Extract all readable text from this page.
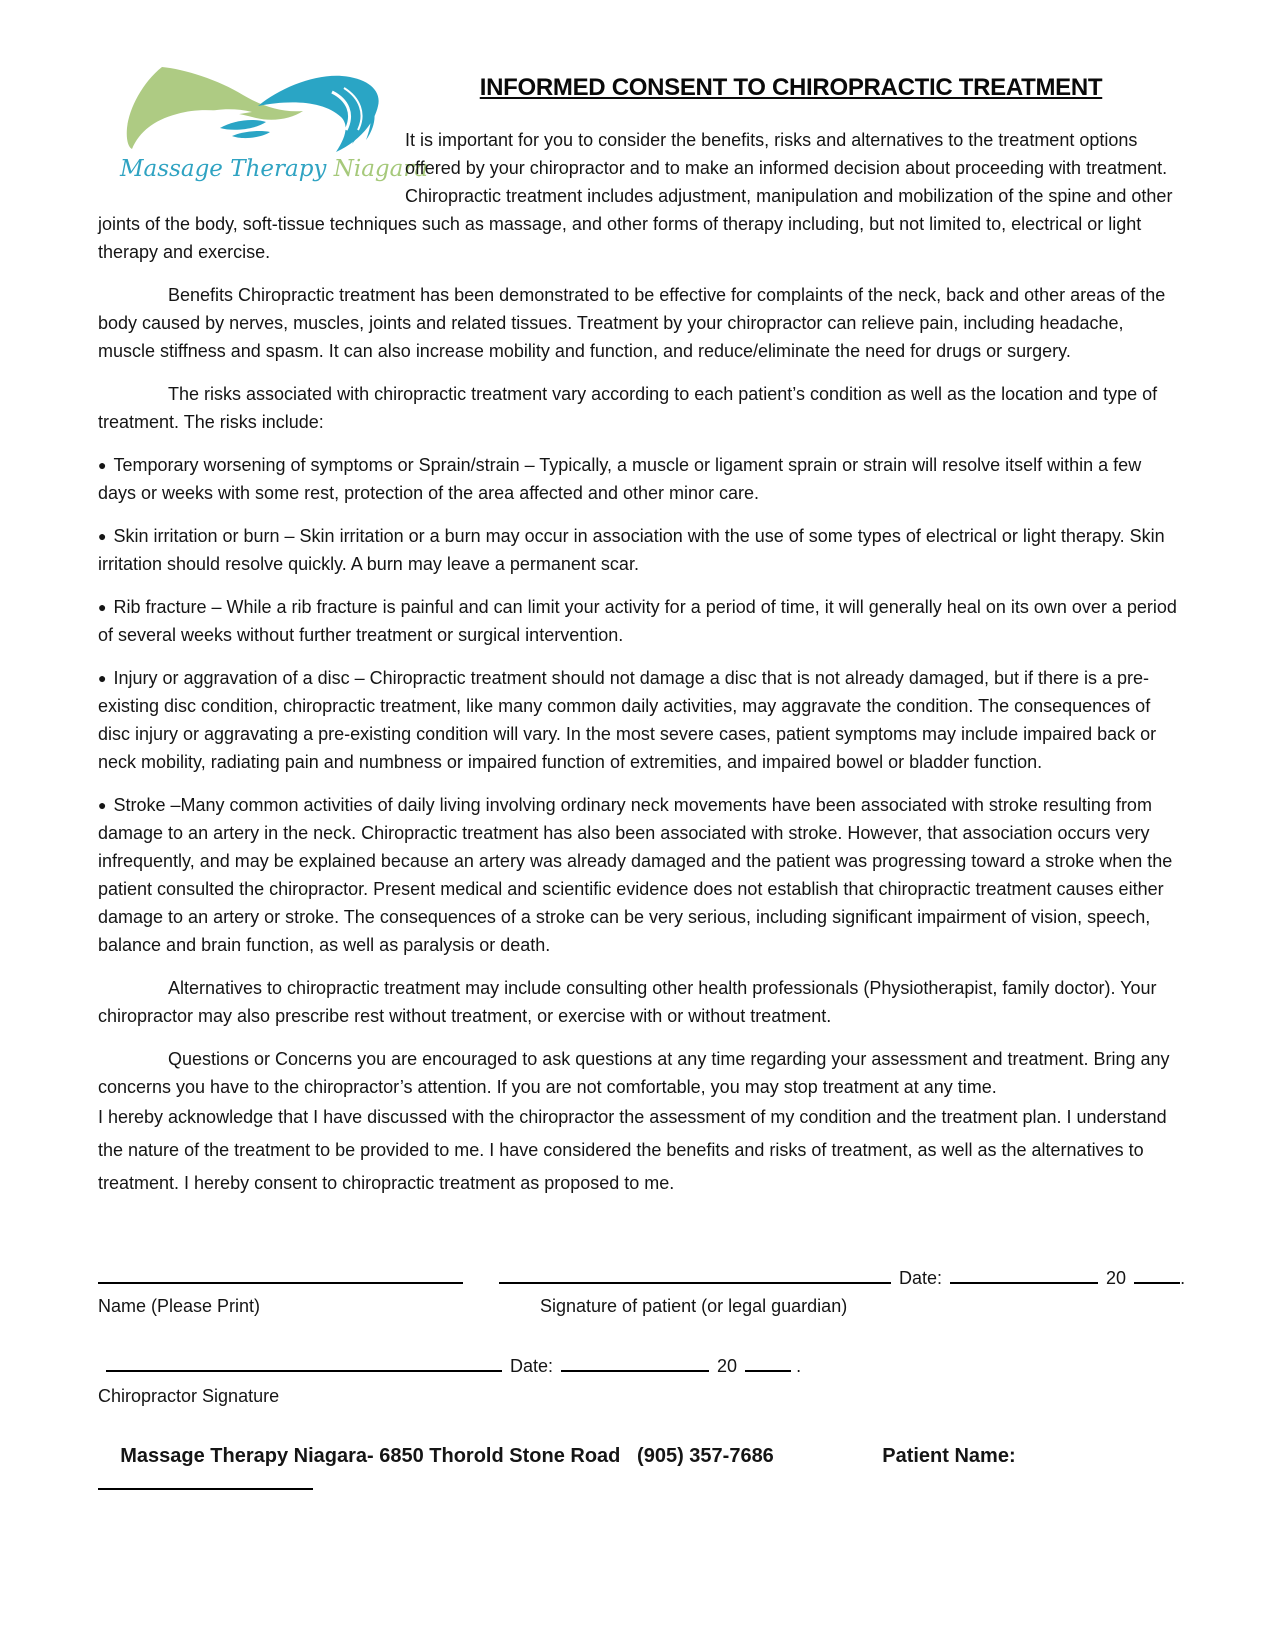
Massage Therapy Niagara
INFORMED CONSENT TO CHIROPRACTIC TREATMENT

It is important for you to consider the benefits, risks and alternatives to the treatment options offered by your chiropractor and to make an informed decision about proceeding with treatment. Chiropractic treatment includes adjustment, manipulation and mobilization of the spine and other joints of the body, soft-tissue techniques such as massage, and other forms of therapy including, but not limited to, electrical or light therapy and exercise.

Benefits Chiropractic treatment has been demonstrated to be effective for complaints of the neck, back and other areas of the body caused by nerves, muscles, joints and related tissues. Treatment by your chiropractor can relieve pain, including headache, muscle stiffness and spasm. It can also increase mobility and function, and reduce/eliminate the need for drugs or surgery.

The risks associated with chiropractic treatment vary according to each patient’s condition as well as the location and type of treatment. The risks include:

● Temporary worsening of symptoms or Sprain/strain – Typically, a muscle or ligament sprain or strain will resolve itself within a few days or weeks with some rest, protection of the area affected and other minor care.

● Skin irritation or burn – Skin irritation or a burn may occur in association with the use of some types of electrical or light therapy. Skin irritation should resolve quickly. A burn may leave a permanent scar.

● Rib fracture – While a rib fracture is painful and can limit your activity for a period of time, it will generally heal on its own over a period of several weeks without further treatment or surgical intervention.

● Injury or aggravation of a disc – Chiropractic treatment should not damage a disc that is not already damaged, but if there is a pre-existing disc condition, chiropractic treatment, like many common daily activities, may aggravate the condition. The consequences of disc injury or aggravating a pre-existing condition will vary. In the most severe cases, patient symptoms may include impaired back or neck mobility, radiating pain and numbness or impaired function of extremities, and impaired bowel or bladder function.

● Stroke –Many common activities of daily living involving ordinary neck movements have been associated with stroke resulting from damage to an artery in the neck. Chiropractic treatment has also been associated with stroke. However, that association occurs very infrequently, and may be explained because an artery was already damaged and the patient was progressing toward a stroke when the patient consulted the chiropractor. Present medical and scientific evidence does not establish that chiropractic treatment causes either damage to an artery or stroke. The consequences of a stroke can be very serious, including significant impairment of vision, speech, balance and brain function, as well as paralysis or death.

Alternatives to chiropractic treatment may include consulting other health professionals (Physiotherapist, family doctor). Your chiropractor may also prescribe rest without treatment, or exercise with or without treatment.

Questions or Concerns you are encouraged to ask questions at any time regarding your assessment and treatment. Bring any concerns you have to the chiropractor’s attention. If you are not comfortable, you may stop treatment at any time.

I hereby acknowledge that I have discussed with the chiropractor the assessment of my condition and the treatment plan. I understand the nature of the treatment to be provided to me. I have considered the benefits and risks of treatment, as well as the alternatives to treatment. I hereby consent to chiropractic treatment as proposed to me.

Date:	20	.
Name (Please Print)	Signature of patient (or legal guardian)
Date:	20	.
Chiropractor Signature

Massage Therapy Niagara- 6850 Thorold Stone Road   (905) 357-7686	Patient Name:
